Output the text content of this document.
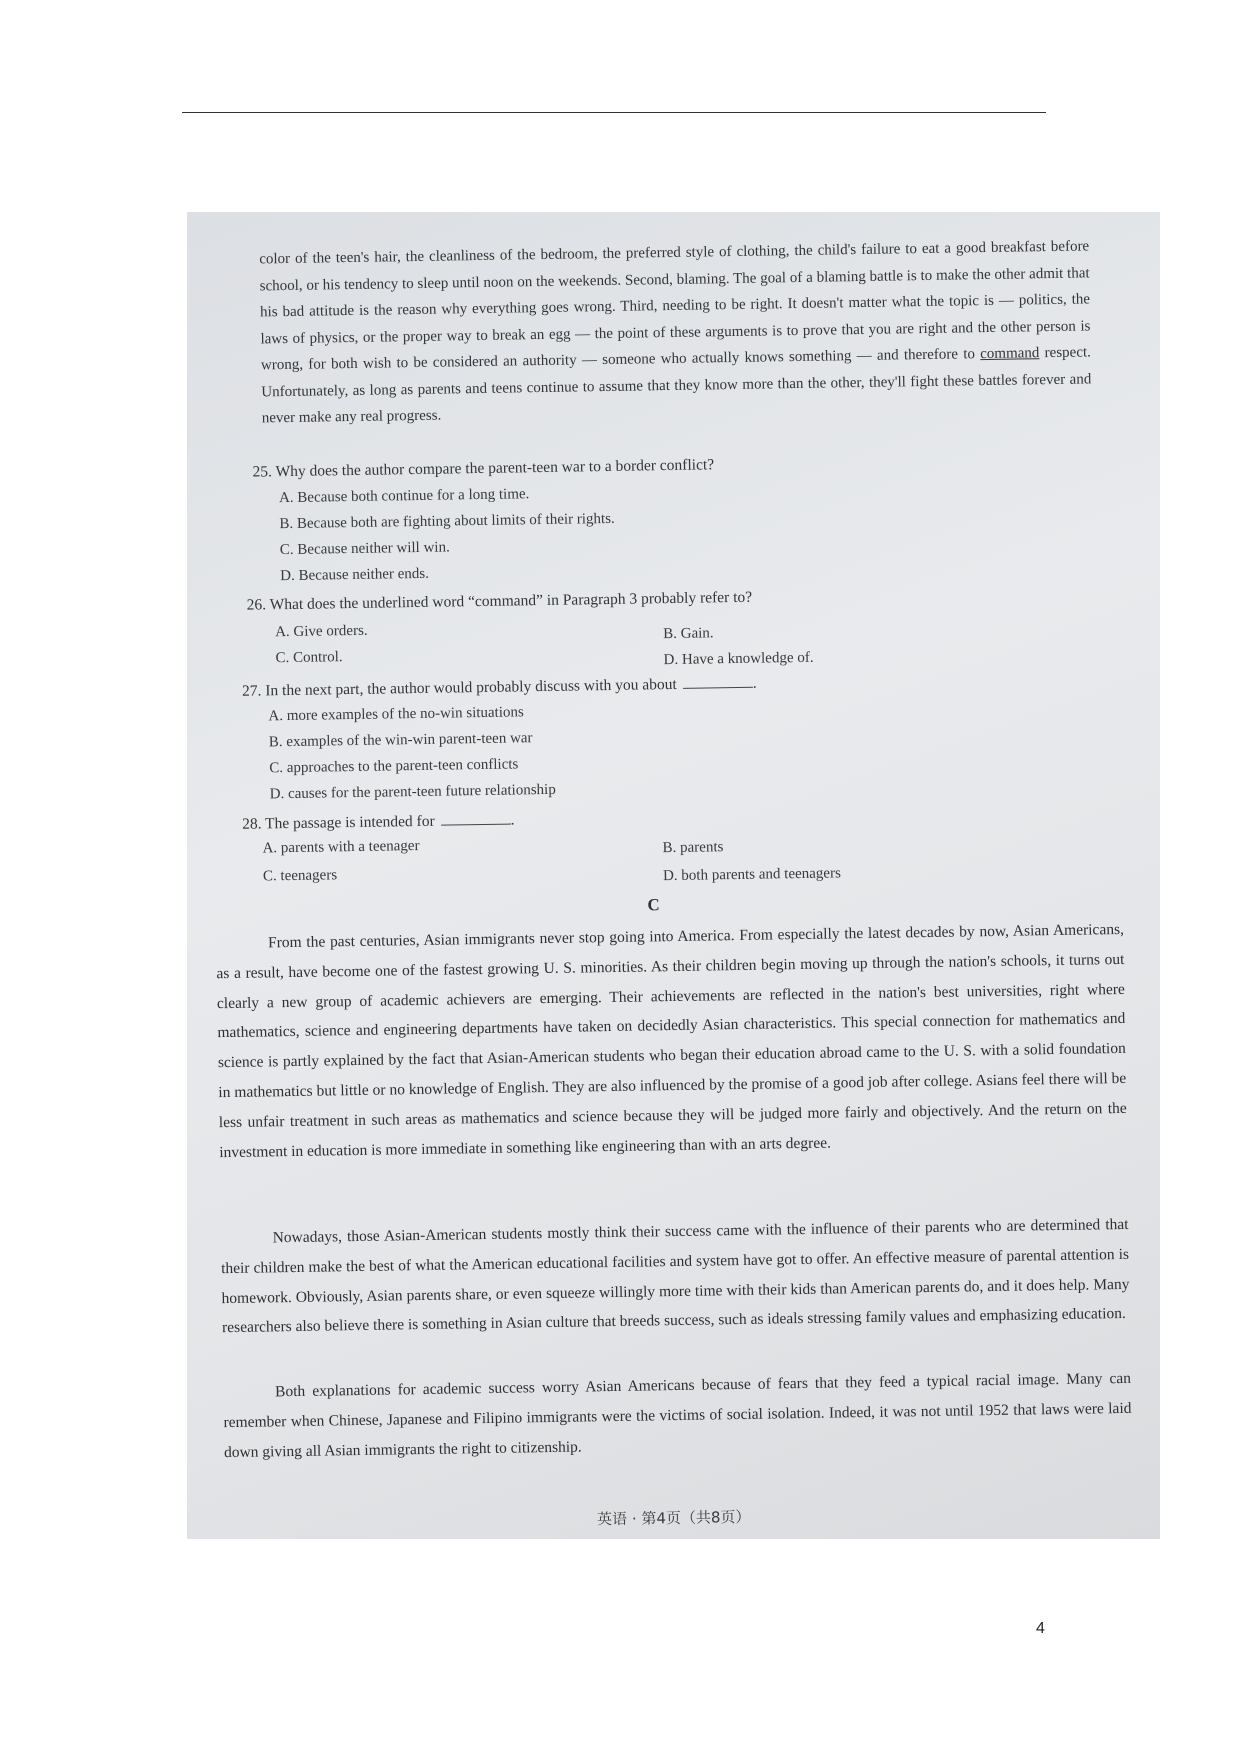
color of the teen's hair, the cleanliness of the bedroom, the preferred style of clothing, the child's failure to eat a good breakfast before school, or his tendency to sleep until noon on the weekends. Second, blaming. The goal of a blaming battle is to make the other admit that his bad attitude is the reason why everything goes wrong. Third, needing to be right. It doesn't matter what the topic is — politics, the laws of physics, or the proper way to break an egg — the point of these arguments is to prove that you are right and the other person is wrong, for both wish to be considered an authority — someone who actually knows something — and therefore to command respect. Unfortunately, as long as parents and teens continue to assume that they know more than the other, they'll fight these battles forever and never make any real progress.
25. Why does the author compare the parent-teen war to a border conflict?
A. Because both continue for a long time.
B. Because both are fighting about limits of their rights.
C. Because neither will win.
D. Because neither ends.
26. What does the underlined word “command” in Paragraph 3 probably refer to?
A. Give orders.	B. Gain.
C. Control.	D. Have a knowledge of.
27. In the next part, the author would probably discuss with you about	.
A. more examples of the no-win situations
B. examples of the win-win parent-teen war
C. approaches to the parent-teen conflicts
D. causes for the parent-teen future relationship
28. The passage is intended for	.
A. parents with a teenager	B. parents
C. teenagers	D. both parents and teenagers
C
From the past centuries, Asian immigrants never stop going into America. From especially the latest decades by now, Asian Americans, as a result, have become one of the fastest growing U. S. minorities. As their children begin moving up through the nation's schools, it turns out clearly a new group of academic achievers are emerging. Their achievements are reflected in the nation's best universities, right where mathematics, science and engineering departments have taken on decidedly Asian characteristics. This special connection for mathematics and science is partly explained by the fact that Asian-American students who began their education abroad came to the U. S. with a solid foundation in mathematics but little or no knowledge of English. They are also influenced by the promise of a good job after college. Asians feel there will be less unfair treatment in such areas as mathematics and science because they will be judged more fairly and objectively. And the return on the investment in education is more immediate in something like engineering than with an arts degree.
Nowadays, those Asian-American students mostly think their success came with the influence of their parents who are determined that their children make the best of what the American educational facilities and system have got to offer. An effective measure of parental attention is homework. Obviously, Asian parents share, or even squeeze willingly more time with their kids than American parents do, and it does help. Many researchers also believe there is something in Asian culture that breeds success, such as ideals stressing family values and emphasizing education.
Both explanations for academic success worry Asian Americans because of fears that they feed a typical racial image. Many can remember when Chinese, Japanese and Filipino immigrants were the victims of social isolation. Indeed, it was not until 1952 that laws were laid down giving all Asian immigrants the right to citizenship.
英语 · 第4页（共8页）
4
